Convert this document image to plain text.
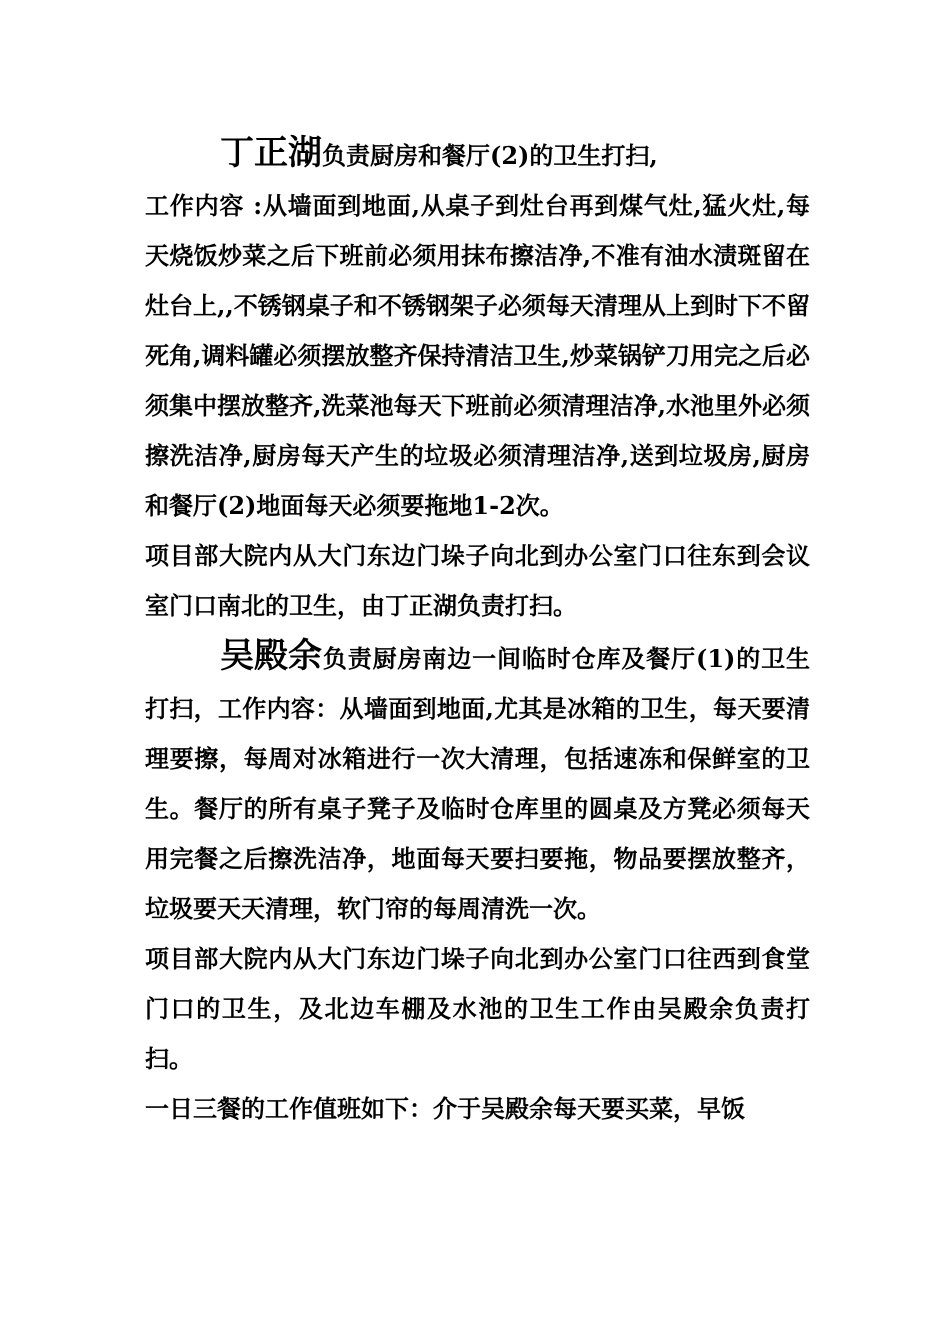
丁正湖负责厨房和餐厅(2)的卫生打扫,

工作内容 :从墙面到地面,从桌子到灶台再到煤气灶,猛火灶,每天烧饭炒菜之后下班前必须用抹布擦洁净,不准有油水渍斑留在灶台上,,不锈钢桌子和不锈钢架子必须每天清理从上到时下不留死角,调料罐必须摆放整齐保持清洁卫生,炒菜锅铲刀用完之后必须集中摆放整齐,洗菜池每天下班前必须清理洁净,水池里外必须擦洗洁净,厨房每天产生的垃圾必须清理洁净,送到垃圾房,厨房和餐厅(2)地面每天必须要拖地1-2次。

项目部大院内从大门东边门垛子向北到办公室门口往东到会议室门口南北的卫生，由丁正湖负责打扫。

吴殿余负责厨房南边一间临时仓库及餐厅(1)的卫生打扫，工作内容：从墙面到地面,尤其是冰箱的卫生，每天要清理要擦，每周对冰箱进行一次大清理，包括速冻和保鲜室的卫生。餐厅的所有桌子凳子及临时仓库里的圆桌及方凳必须每天用完餐之后擦洗洁净，地面每天要扫要拖，物品要摆放整齐，垃圾要天天清理，软门帘的每周清洗一次。

项目部大院内从大门东边门垛子向北到办公室门口往西到食堂门口的卫生，及北边车棚及水池的卫生工作由吴殿余负责打扫。

一日三餐的工作值班如下：介于吴殿余每天要买菜，早饭
